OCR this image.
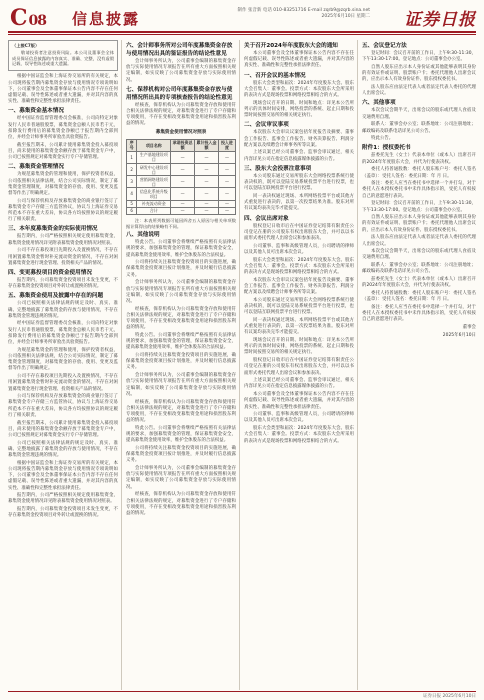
C 08 信息披露	制作 张音新 电话 010-83251716 E-mail zqrb9@zqrb.sina.net
2025年6月10日 星期二 证券日报
（上接C7版）
敬请投资者注意投资风险。本公司及董事会全体成员保证信息披露的内容真实、准确、完整，没有虚假记载、误导性陈述或重大遗漏。
根据中国证监会和上海证券交易所的有关规定，本公司现将报告期内募集资金存放与使用情况专项说明如下，公司董事会及全体董事保证本公告内容不存在任何虚假记载、误导性陈述或者重大遗漏，并对其内容的真实性、准确性和完整性承担法律责任。
一、募集资金基本情况
经中国证券监督管理委员会核准，公司向特定对象发行人民币普通股股票，募集资金总额人民币若干元，扣除发行费用后的募集资金净额已于报告期内全部到位，并经会计师事务所审验出具验资报告。
截至报告期末，公司累计使用募集资金投入募投项目，尚未使用的募集资金余额存放于募集资金专户中，公司已按照规定对募集资金实行专户存储管理。
二、募集资金管理情况
为规范募集资金的管理和使用，保护投资者权益，公司依照相关法律法规，结合公司实际情况，制定了募集资金管理制度，对募集资金的存放、使用、变更及监督等作出了明确规定。
公司与保荐机构及存放募集资金的商业银行签订了募集资金专户存储三方监管协议，协议与上海证券交易所范本不存在重大差异，协议各方均按照协议的规定履行了相关职责。
三、本年度募集资金的实际使用情况
报告期内，公司严格按照相关规定使用募集资金，募集资金使用情况详见附表募集资金使用情况对照表。
公司不存在募投项目先期投入及置换情况，不存在用闲置募集资金暂时补充流动资金的情况，不存在对闲置募集资金进行现金管理、投资相关产品的情况。
四、变更募投项目的资金使用情况
报告期内，公司募集资金投资项目未发生变更，不存在募集资金投资项目对外转让或置换的情况。
五、募集资金使用及披露中存在的问题
公司已按照相关法律法规的规定及时、真实、准确、完整地披露了募集资金的存放与使用情况，不存在募集资金管理违规的情况。
经中国证券监督管理委员会核准，公司向特定对象发行人民币普通股股票，募集资金总额人民币若干元，扣除发行费用后的募集资金净额已于报告期内全部到位，并经会计师事务所审验出具验资报告。
为规范募集资金的管理和使用，保护投资者权益，公司依照相关法律法规，结合公司实际情况，制定了募集资金管理制度，对募集资金的存放、使用、变更及监督等作出了明确规定。
公司不存在募投项目先期投入及置换情况，不存在用闲置募集资金暂时补充流动资金的情况，不存在对闲置募集资金进行现金管理、投资相关产品的情况。
公司与保荐机构及存放募集资金的商业银行签订了募集资金专户存储三方监管协议，协议与上海证券交易所范本不存在重大差异，协议各方均按照协议的规定履行了相关职责。
截至报告期末，公司累计使用募集资金投入募投项目，尚未使用的募集资金余额存放于募集资金专户中，公司已按照规定对募集资金实行专户存储管理。
公司已按照相关法律法规的规定及时、真实、准确、完整地披露了募集资金的存放与使用情况，不存在募集资金管理违规的情况。
根据中国证监会和上海证券交易所的有关规定，本公司现将报告期内募集资金存放与使用情况专项说明如下，公司董事会及全体董事保证本公告内容不存在任何虚假记载、误导性陈述或者重大遗漏，并对其内容的真实性、准确性和完整性承担法律责任。
报告期内，公司严格按照相关规定使用募集资金，募集资金使用情况详见附表募集资金使用情况对照表。
报告期内，公司募集资金投资项目未发生变更，不存在募集资金投资项目对外转让或置换的情况。
六、会计师事务所对公司年度募集资金存放与使用情况出具的鉴证报告的结论性意见
会计师事务所认为，公司董事会编制的募集资金存放与实际使用情况专项报告在所有重大方面按照相关规定编制，如实反映了公司募集资金存放与实际使用情况。
七、保荐机构对公司年度募集资金存放与使用情况所出具的专项核查报告的结论性意见
经核查，保荐机构认为公司募集资金存放和使用符合相关法律法规的规定，对募集资金进行了专户存储和专项使用，不存在变相改变募集资金用途和损害股东利益的情况。
募集资金使用情况对照表
序号	项目名称	承诺投资总额	累计投入金额	投入进度
1	生产基地建设项目	—	—	—
2	研发中心建设项目	—	—	—
3	营销网络建设项目	—	—	—
4	信息化系统升级项目	—	—	—
5	补充流动资金	—	—	—
6	合计	—	—	—
注：本表所列数据可能因四舍五入原因与相关单项数据计算得出的结果略有不同。
八、其他说明
特此公告。公司董事会将继续严格按照有关法律法规的要求，加强募集资金的管理，保证募集资金安全，提高募集资金使用效率，维护全体股东的合法权益。
公司将持续关注募集资金投资项目的实施进展，确保募集资金投资项目按计划推进，并及时履行信息披露义务。
会计师事务所认为，公司董事会编制的募集资金存放与实际使用情况专项报告在所有重大方面按照相关规定编制，如实反映了公司募集资金存放与实际使用情况。
经核查，保荐机构认为公司募集资金存放和使用符合相关法律法规的规定，对募集资金进行了专户存储和专项使用，不存在变相改变募集资金用途和损害股东利益的情况。
特此公告。公司董事会将继续严格按照有关法律法规的要求，加强募集资金的管理，保证募集资金安全，提高募集资金使用效率，维护全体股东的合法权益。
公司将持续关注募集资金投资项目的实施进展，确保募集资金投资项目按计划推进，并及时履行信息披露义务。
会计师事务所认为，公司董事会编制的募集资金存放与实际使用情况专项报告在所有重大方面按照相关规定编制，如实反映了公司募集资金存放与实际使用情况。
经核查，保荐机构认为公司募集资金存放和使用符合相关法律法规的规定，对募集资金进行了专户存储和专项使用，不存在变相改变募集资金用途和损害股东利益的情况。
特此公告。公司董事会将继续严格按照有关法律法规的要求，加强募集资金的管理，保证募集资金安全，提高募集资金使用效率，维护全体股东的合法权益。
公司将持续关注募集资金投资项目的实施进展，确保募集资金投资项目按计划推进，并及时履行信息披露义务。
会计师事务所认为，公司董事会编制的募集资金存放与实际使用情况专项报告在所有重大方面按照相关规定编制，如实反映了公司募集资金存放与实际使用情况。
经核查，保荐机构认为公司募集资金存放和使用符合相关法律法规的规定，对募集资金进行了专户存储和专项使用，不存在变相改变募集资金用途和损害股东利益的情况。
关于召开2024年年度股东大会的通知
本公司董事会及全体董事保证本公告内容不存在任何虚假记载、误导性陈述或者重大遗漏，并对其内容的真实性、准确性和完整性承担法律责任。
一、召开会议的基本情况
股东大会类型和届次：2024年年度股东大会。股东大会召集人：董事会。投票方式：本次股东大会所采用的表决方式是现场投票和网络投票相结合的方式。
现场会议召开的日期、时间和地点：详见本公告所列示的具体时间安排，网络投票的系统、起止日期和投票时间按照交易所的相关规定执行。
二、会议审议事项
本次股东大会审议议案包括年度报告及摘要、董事会工作报告、监事会工作报告、财务决算报告、利润分配方案以及续聘会计师事务所等议案。
上述议案已经公司董事会、监事会审议通过，相关内容详见公司在指定信息披露媒体披露的公告。
三、股东大会投票注意事项
本公司股东通过交易所股东大会网络投票系统行使表决权的，既可以登陆交易系统投票平台进行投票，也可以登陆互联网投票平台进行投票。
同一表决权通过现场、本所网络投票平台或其他方式重复进行表决的，以第一次投票结果为准。股东对所有议案均表决完毕才能提交。
四、会议出席对象
股权登记日收市后在中国证券登记结算有限责任公司登记在册的公司股东有权出席股东大会，并可以以书面形式委托代理人出席会议和参加表决。
公司董事、监事和高级管理人员，公司聘请的律师以及其他人员可出席本次会议。
股东大会类型和届次：2024年年度股东大会。股东大会召集人：董事会。投票方式：本次股东大会所采用的表决方式是现场投票和网络投票相结合的方式。
本次股东大会审议议案包括年度报告及摘要、董事会工作报告、监事会工作报告、财务决算报告、利润分配方案以及续聘会计师事务所等议案。
本公司股东通过交易所股东大会网络投票系统行使表决权的，既可以登陆交易系统投票平台进行投票，也可以登陆互联网投票平台进行投票。
同一表决权通过现场、本所网络投票平台或其他方式重复进行表决的，以第一次投票结果为准。股东对所有议案均表决完毕才能提交。
现场会议召开的日期、时间和地点：详见本公告所列示的具体时间安排，网络投票的系统、起止日期和投票时间按照交易所的相关规定执行。
股权登记日收市后在中国证券登记结算有限责任公司登记在册的公司股东有权出席股东大会，并可以以书面形式委托代理人出席会议和参加表决。
上述议案已经公司董事会、监事会审议通过，相关内容详见公司在指定信息披露媒体披露的公告。
本公司董事会及全体董事保证本公告内容不存在任何虚假记载、误导性陈述或者重大遗漏，并对其内容的真实性、准确性和完整性承担法律责任。
公司董事、监事和高级管理人员，公司聘请的律师以及其他人员可出席本次会议。
股东大会类型和届次：2024年年度股东大会。股东大会召集人：董事会。投票方式：本次股东大会所采用的表决方式是现场投票和网络投票相结合的方式。
五、会议登记方法
登记时间：会议召开前的工作日，上午9:30-11:30，下午13:30-17:00。登记地点：公司董事会办公室。
自然人股东应出示本人身份证或其他能够表明其身份的有效证件或证明、股票账户卡；委托代理他人出席会议的，应出示本人有效身份证件、股东授权委托书。
法人股东应由法定代表人或者法定代表人委托的代理人出席会议。
六、其他事项
本次会议会期半天，出席会议的股东或代理人食宿及交通费用自理。
联系人：董事会办公室；联系地址：公司注册地址；邮政编码及联系电话详见公司公告。
特此公告。
附件1：授权委托书
兹委托先生（女士）代表本单位（或本人）出席召开的2024年年度股东大会，并代为行使表决权。
委托人持普通股数：委托人股东账户号：委托人签名（盖章）：受托人签名：委托日期：年 月 日。
备注：委托人应当在委托书中选择一个并打勾，对于委托人在本授权委托书中未作具体指示的，受托人有权按自己的意愿进行表决。
登记时间：会议召开前的工作日，上午9:30-11:30，下午13:30-17:00。登记地点：公司董事会办公室。
自然人股东应出示本人身份证或其他能够表明其身份的有效证件或证明、股票账户卡；委托代理他人出席会议的，应出示本人有效身份证件、股东授权委托书。
法人股东应由法定代表人或者法定代表人委托的代理人出席会议。
本次会议会期半天，出席会议的股东或代理人食宿及交通费用自理。
联系人：董事会办公室；联系地址：公司注册地址；邮政编码及联系电话详见公司公告。
兹委托先生（女士）代表本单位（或本人）出席召开的2024年年度股东大会，并代为行使表决权。
委托人持普通股数：委托人股东账户号：委托人签名（盖章）：受托人签名：委托日期：年 月 日。
备注：委托人应当在委托书中选择一个并打勾，对于委托人在本授权委托书中未作具体指示的，受托人有权按自己的意愿进行表决。
董事会
2025年6月10日
证券日报 2025年6月10日
